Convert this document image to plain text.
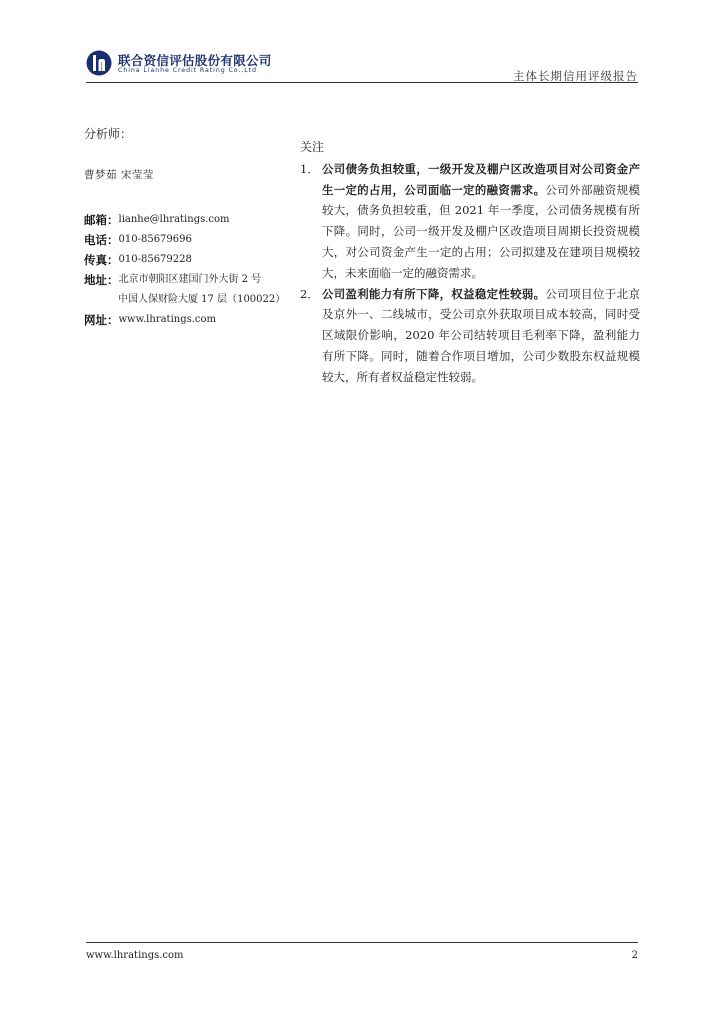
联合资信评估股份有限公司
China Lianhe Credit Rating Co.,Ltd	主体长期信用评级报告
分析师：
曹梦茹 宋莹莹
邮箱： lianhe@lhratings.com
电话： 010-85679696
传真： 010-85679228
地址： 北京市朝阳区建国门外大街 2 号
中国人保财险大厦 17 层（100022）
网址： www.lhratings.com
关注
1． 公司债务负担较重，一级开发及棚户区改造项目对公司资金产生一定的占用，公司面临一定的融资需求。公司外部融资规模较大，债务负担较重，但 2021 年一季度，公司债务规模有所下降。同时，公司一级开发及棚户区改造项目周期长投资规模大，对公司资金产生一定的占用；公司拟建及在建项目规模较大，未来面临一定的融资需求。
2． 公司盈利能力有所下降，权益稳定性较弱。公司项目位于北京及京外一、二线城市，受公司京外获取项目成本较高，同时受区域限价影响，2020 年公司结转项目毛利率下降，盈利能力有所下降。同时，随着合作项目增加，公司少数股东权益规模较大，所有者权益稳定性较弱。
www.lhratings.com	2
